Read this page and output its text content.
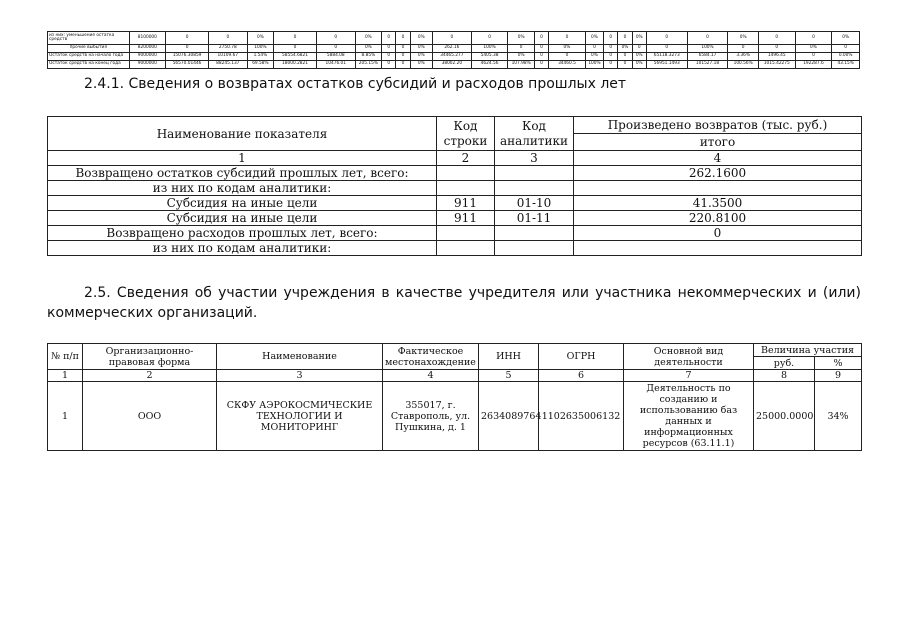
из них: уменьшение остатка средств	8100000	0	0	0%	0	0	0%	0	0	0%	0	0	0%	0	0	0%	0	0	0%	0	0	0%	0	0	0%
прочие выбытия	8200000	0	2750.78	100%	0	0	0%	0	0	0%	262.16	100%	0	0	0%	0	0	0%	0	0	100%	0	0	0%	0
Остаток средств на начало года	9000000	15076.30859	10109.67	1.54%	58554.6821	5884.08	8.85%	0	0	0%	34465.277	5405.38	0%	0	0	0%	0	0	0%	65118.3273	6584.17	3.36%	1496.45	0	0.00%
Остаток средств на конец года	9000000	56570.01446	88245.137	69.58%	18000.2821	10476.01	205.15%	0	0	0%	38002.20	4624.56	107.98%	0	34460.5	100%	0	0	0%	56951.1493	101527.18	100.56%	1015.42275	192287.6	43.15%
2.4.1. Сведения о возвратах остатков субсидий и расходов прошлых лет
Наименование показателя	Код строки	Код аналитики	Произведено возвратов (тыс. руб.)
			итого
1	2	3	4
Возвращено остатков субсидий прошлых лет, всего:			262.1600
из них по кодам аналитики:			
Субсидия на иные цели	911	01-10	41.3500
Субсидия на иные цели	911	01-11	220.8100
Возвращено расходов прошлых лет, всего:			0
из них по кодам аналитики:			

2.5. Сведения об участии учреждения в качестве учредителя или участника некоммерческих и (или) коммерческих организаций.

№ п/п	Организационно-правовая форма	Наименование	Фактическое местонахождение	ИНН	ОГРН	Основной вид деятельности	Величина участия	
							руб.	%
1	2	3	4	5	6	7	8	9
1	ООО	СКФУ АЭРОКОСМИЧЕСКИЕ ТЕХНОЛОГИИ И МОНИТОРИНГ	355017, г. Ставрополь, ул. Пушкина, д. 1	2634089764	1102635006132	Деятельность по созданию и использованию баз данных и информационных ресурсов (63.11.1)	25000.0000	34%
